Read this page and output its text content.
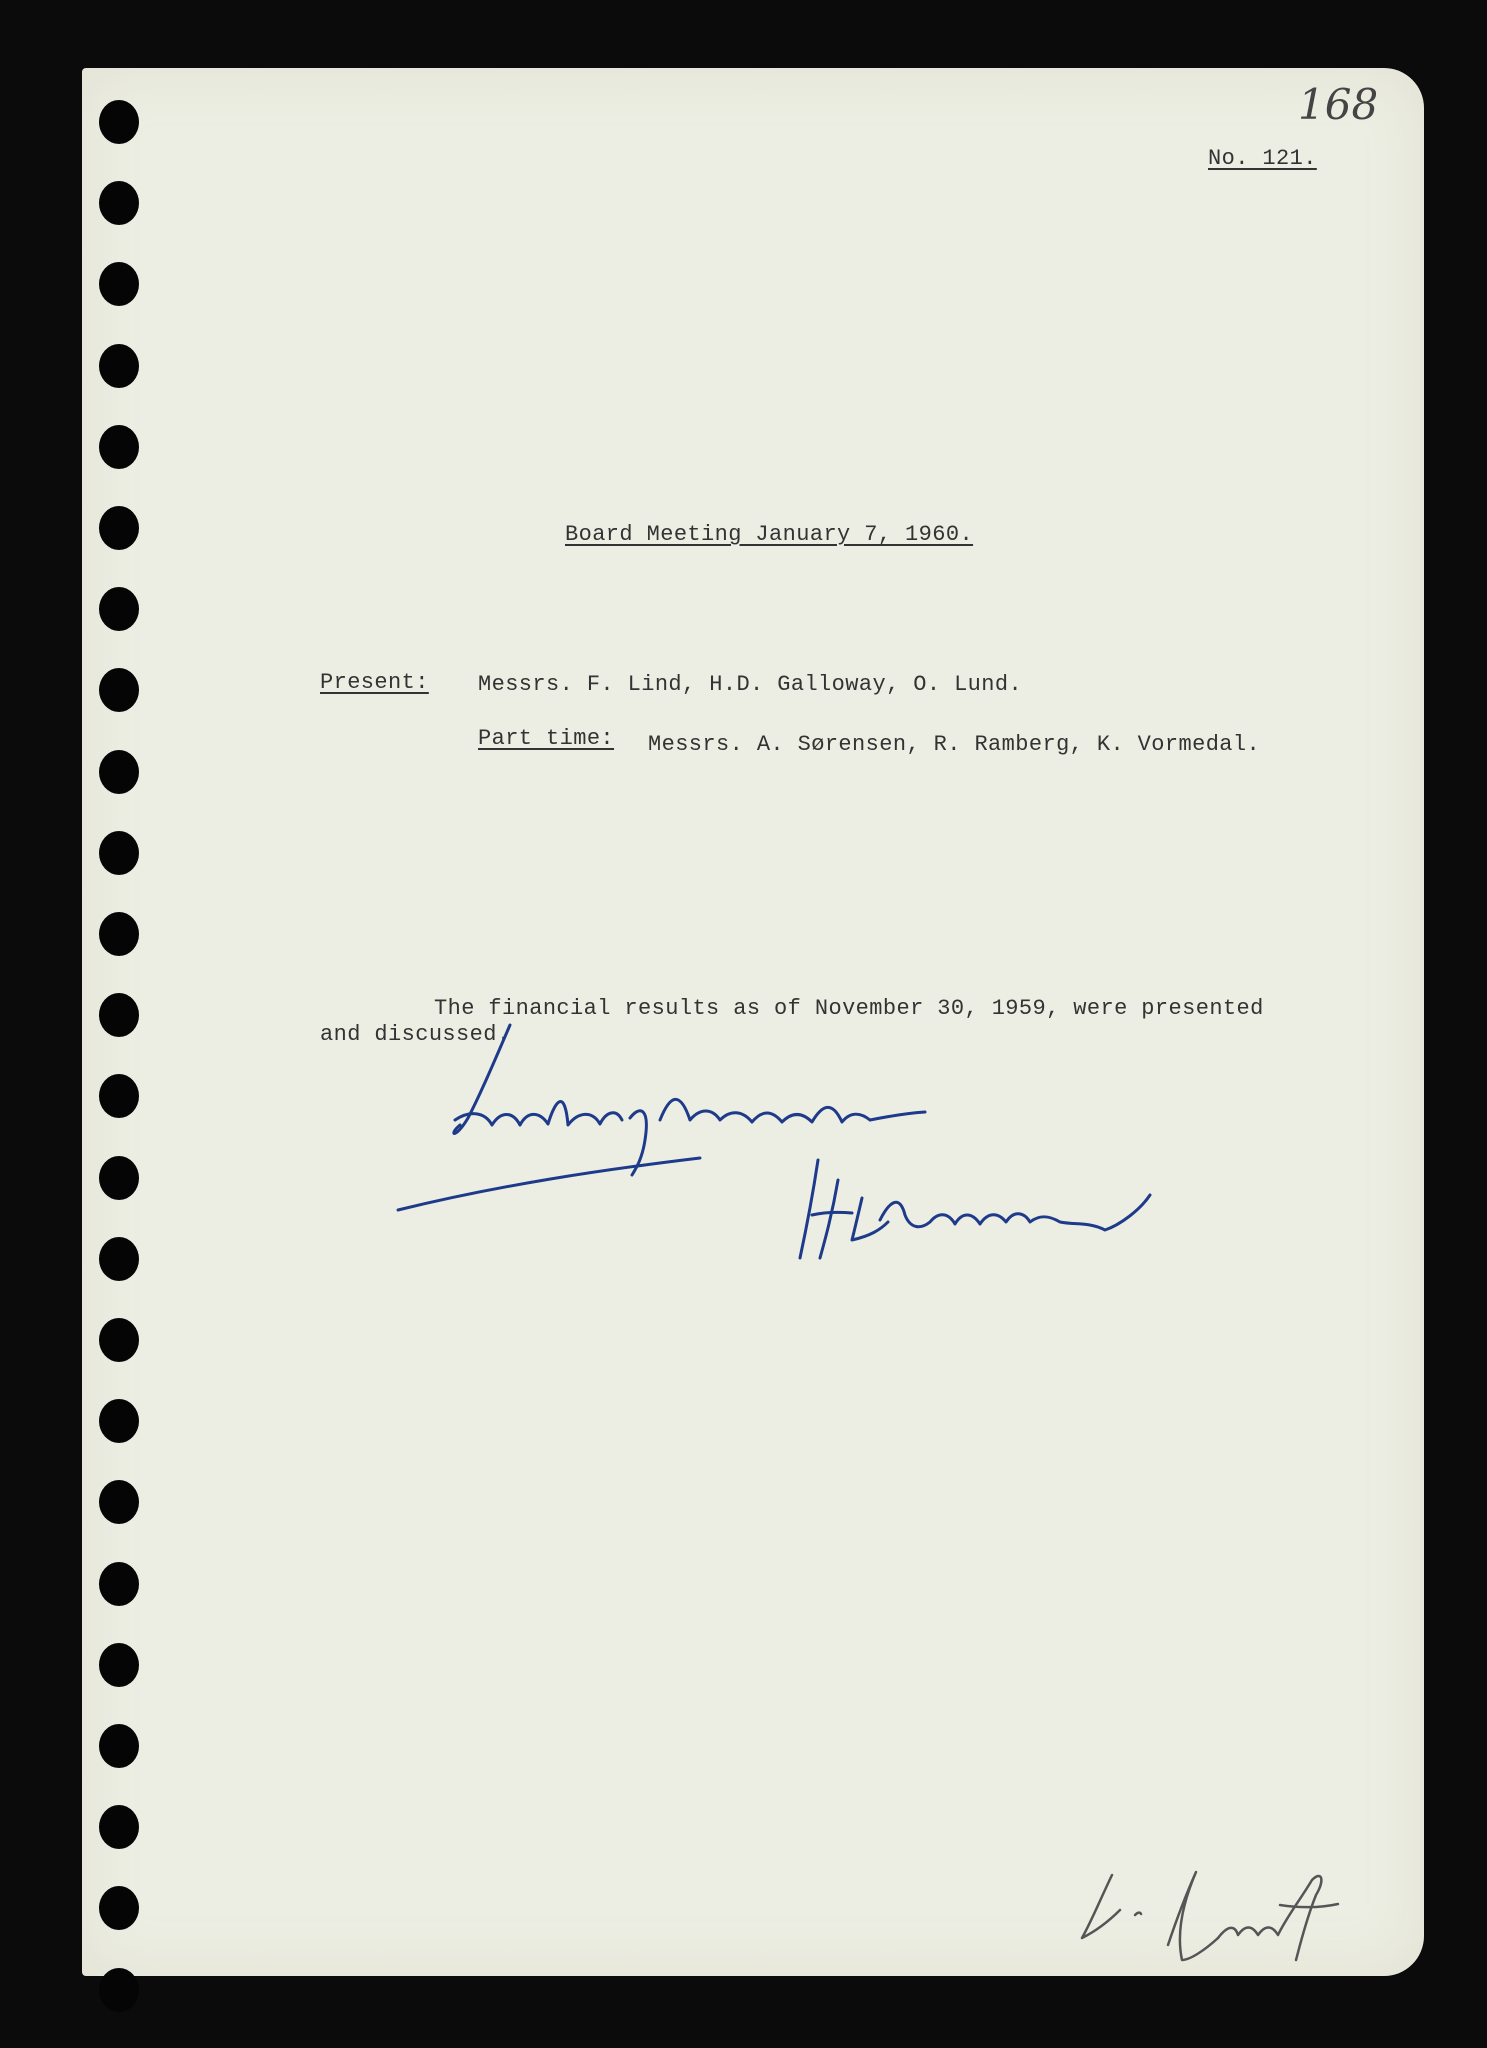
168
No. 121.
Board Meeting January 7, 1960.
Present: Messrs. F. Lind, H.D. Galloway, O. Lund.
Part time: Messrs. A. Sørensen, R. Ramberg, K. Vormedal.
The financial results as of November 30, 1959, were presented
and discussed.
